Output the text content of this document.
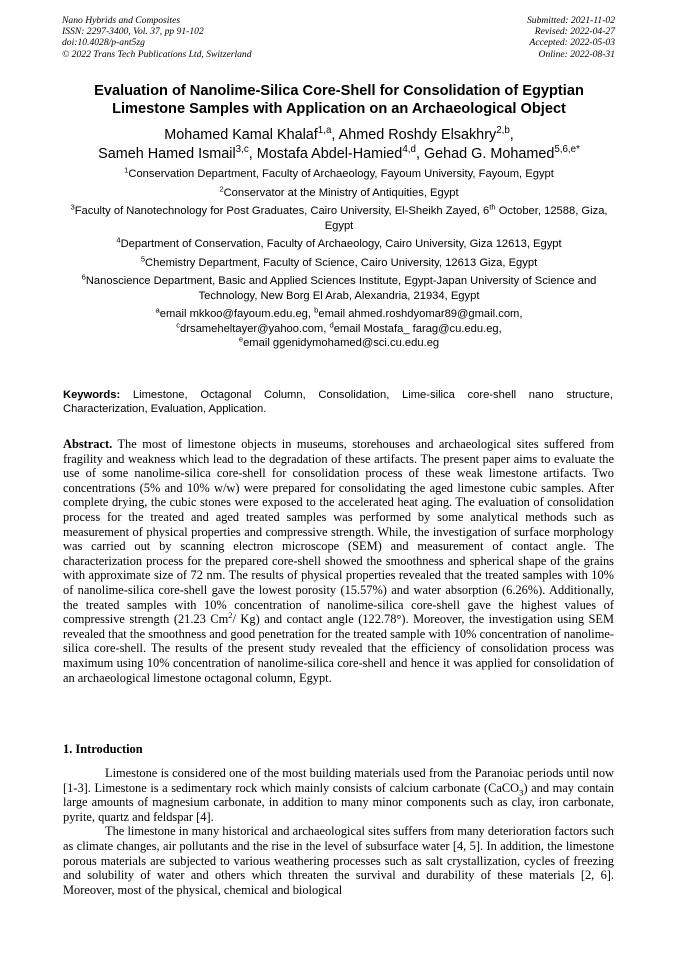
Nano Hybrids and Composites
ISSN: 2297-3400, Vol. 37, pp 91-102
doi:10.4028/p-ant5zg
© 2022 Trans Tech Publications Ltd, Switzerland
Submitted: 2021-11-02
Revised: 2022-04-27
Accepted: 2022-05-03
Online: 2022-08-31
Evaluation of Nanolime-Silica Core-Shell for Consolidation of Egyptian
Limestone Samples with Application on an Archaeological Object
Mohamed Kamal Khalaf$^{1,a}$, Ahmed Roshdy Elsakhry$^{2,b}$,
Sameh Hamed Ismail$^{3,c}$, Mostafa Abdel-Hamied$^{4,d}$, Gehad G. Mohamed$^{5,6,e*}$

$^1$Conservation Department, Faculty of Archaeology, Fayoum University, Fayoum, Egypt

$^2$Conservator at the Ministry of Antiquities, Egypt

$^3$Faculty of Nanotechnology for Post Graduates, Cairo University, El-Sheikh Zayed, 6th October, 12588, Giza, Egypt

$^4$Department of Conservation, Faculty of Archaeology, Cairo University, Giza 12613, Egypt

$^5$Chemistry Department, Faculty of Science, Cairo University, 12613 Giza, Egypt

$^6$Nanoscience Department, Basic and Applied Sciences Institute, Egypt-Japan University of Science and Technology, New Borg El Arab, Alexandria, 21934, Egypt

$^a$email mkkoo@fayoum.edu.eg, $^b$email ahmed.roshdyomar89@gmail.com,
$^c$drsameheltayer@yahoo.com, $^d$email Mostafa_ farag@cu.edu.eg,
$^e$email ggenidymohamed@sci.cu.edu.eg
Keywords: Limestone, Octagonal Column, Consolidation, Lime-silica core-shell nano structure, Characterization, Evaluation, Application.

Abstract. The most of limestone objects in museums, storehouses and archaeological sites suffered from fragility and weakness which lead to the degradation of these artifacts. The present paper aims to evaluate the use of some nanolime-silica core-shell for consolidation process of these weak limestone artifacts. Two concentrations (5% and 10% w/w) were prepared for consolidating the aged limestone cubic samples. After complete drying, the cubic stones were exposed to the accelerated heat aging. The evaluation of consolidation process for the treated and aged treated samples was performed by some analytical methods such as measurement of physical properties and compressive strength. While, the investigation of surface morphology was carried out by scanning electron microscope (SEM) and measurement of contact angle. The characterization process for the prepared core-shell showed the smoothness and spherical shape of the grains with approximate size of 72 nm. The results of physical properties revealed that the treated samples with 10% of nanolime-silica core-shell gave the lowest porosity (15.57%) and water absorption (6.26%). Additionally, the treated samples with 10% concentration of nanolime-silica core-shell gave the highest values of compressive strength (21.23 Cm$^2$/ Kg) and contact angle (122.78°). Moreover, the investigation using SEM revealed that the smoothness and good penetration for the treated sample with 10% concentration of nanolime-silica core-shell. The results of the present study revealed that the efficiency of consolidation process was maximum using 10% concentration of nanolime-silica core-shell and hence it was applied for consolidation of an archaeological limestone octagonal column, Egypt.

1. Introduction

Limestone is considered one of the most building materials used from the Paranoiac periods until now [1-3]. Limestone is a sedimentary rock which mainly consists of calcium carbonate (CaCO$_3$) and may contain large amounts of magnesium carbonate, in addition to many minor components such as clay, iron carbonate, pyrite, quartz and feldspar [4].

The limestone in many historical and archaeological sites suffers from many deterioration factors such as climate changes, air pollutants and the rise in the level of subsurface water [4, 5]. In addition, the limestone porous materials are subjected to various weathering processes such as salt crystallization, cycles of freezing and solubility of water and others which threaten the survival and durability of these materials [2, 6]. Moreover, most of the physical, chemical and biological
